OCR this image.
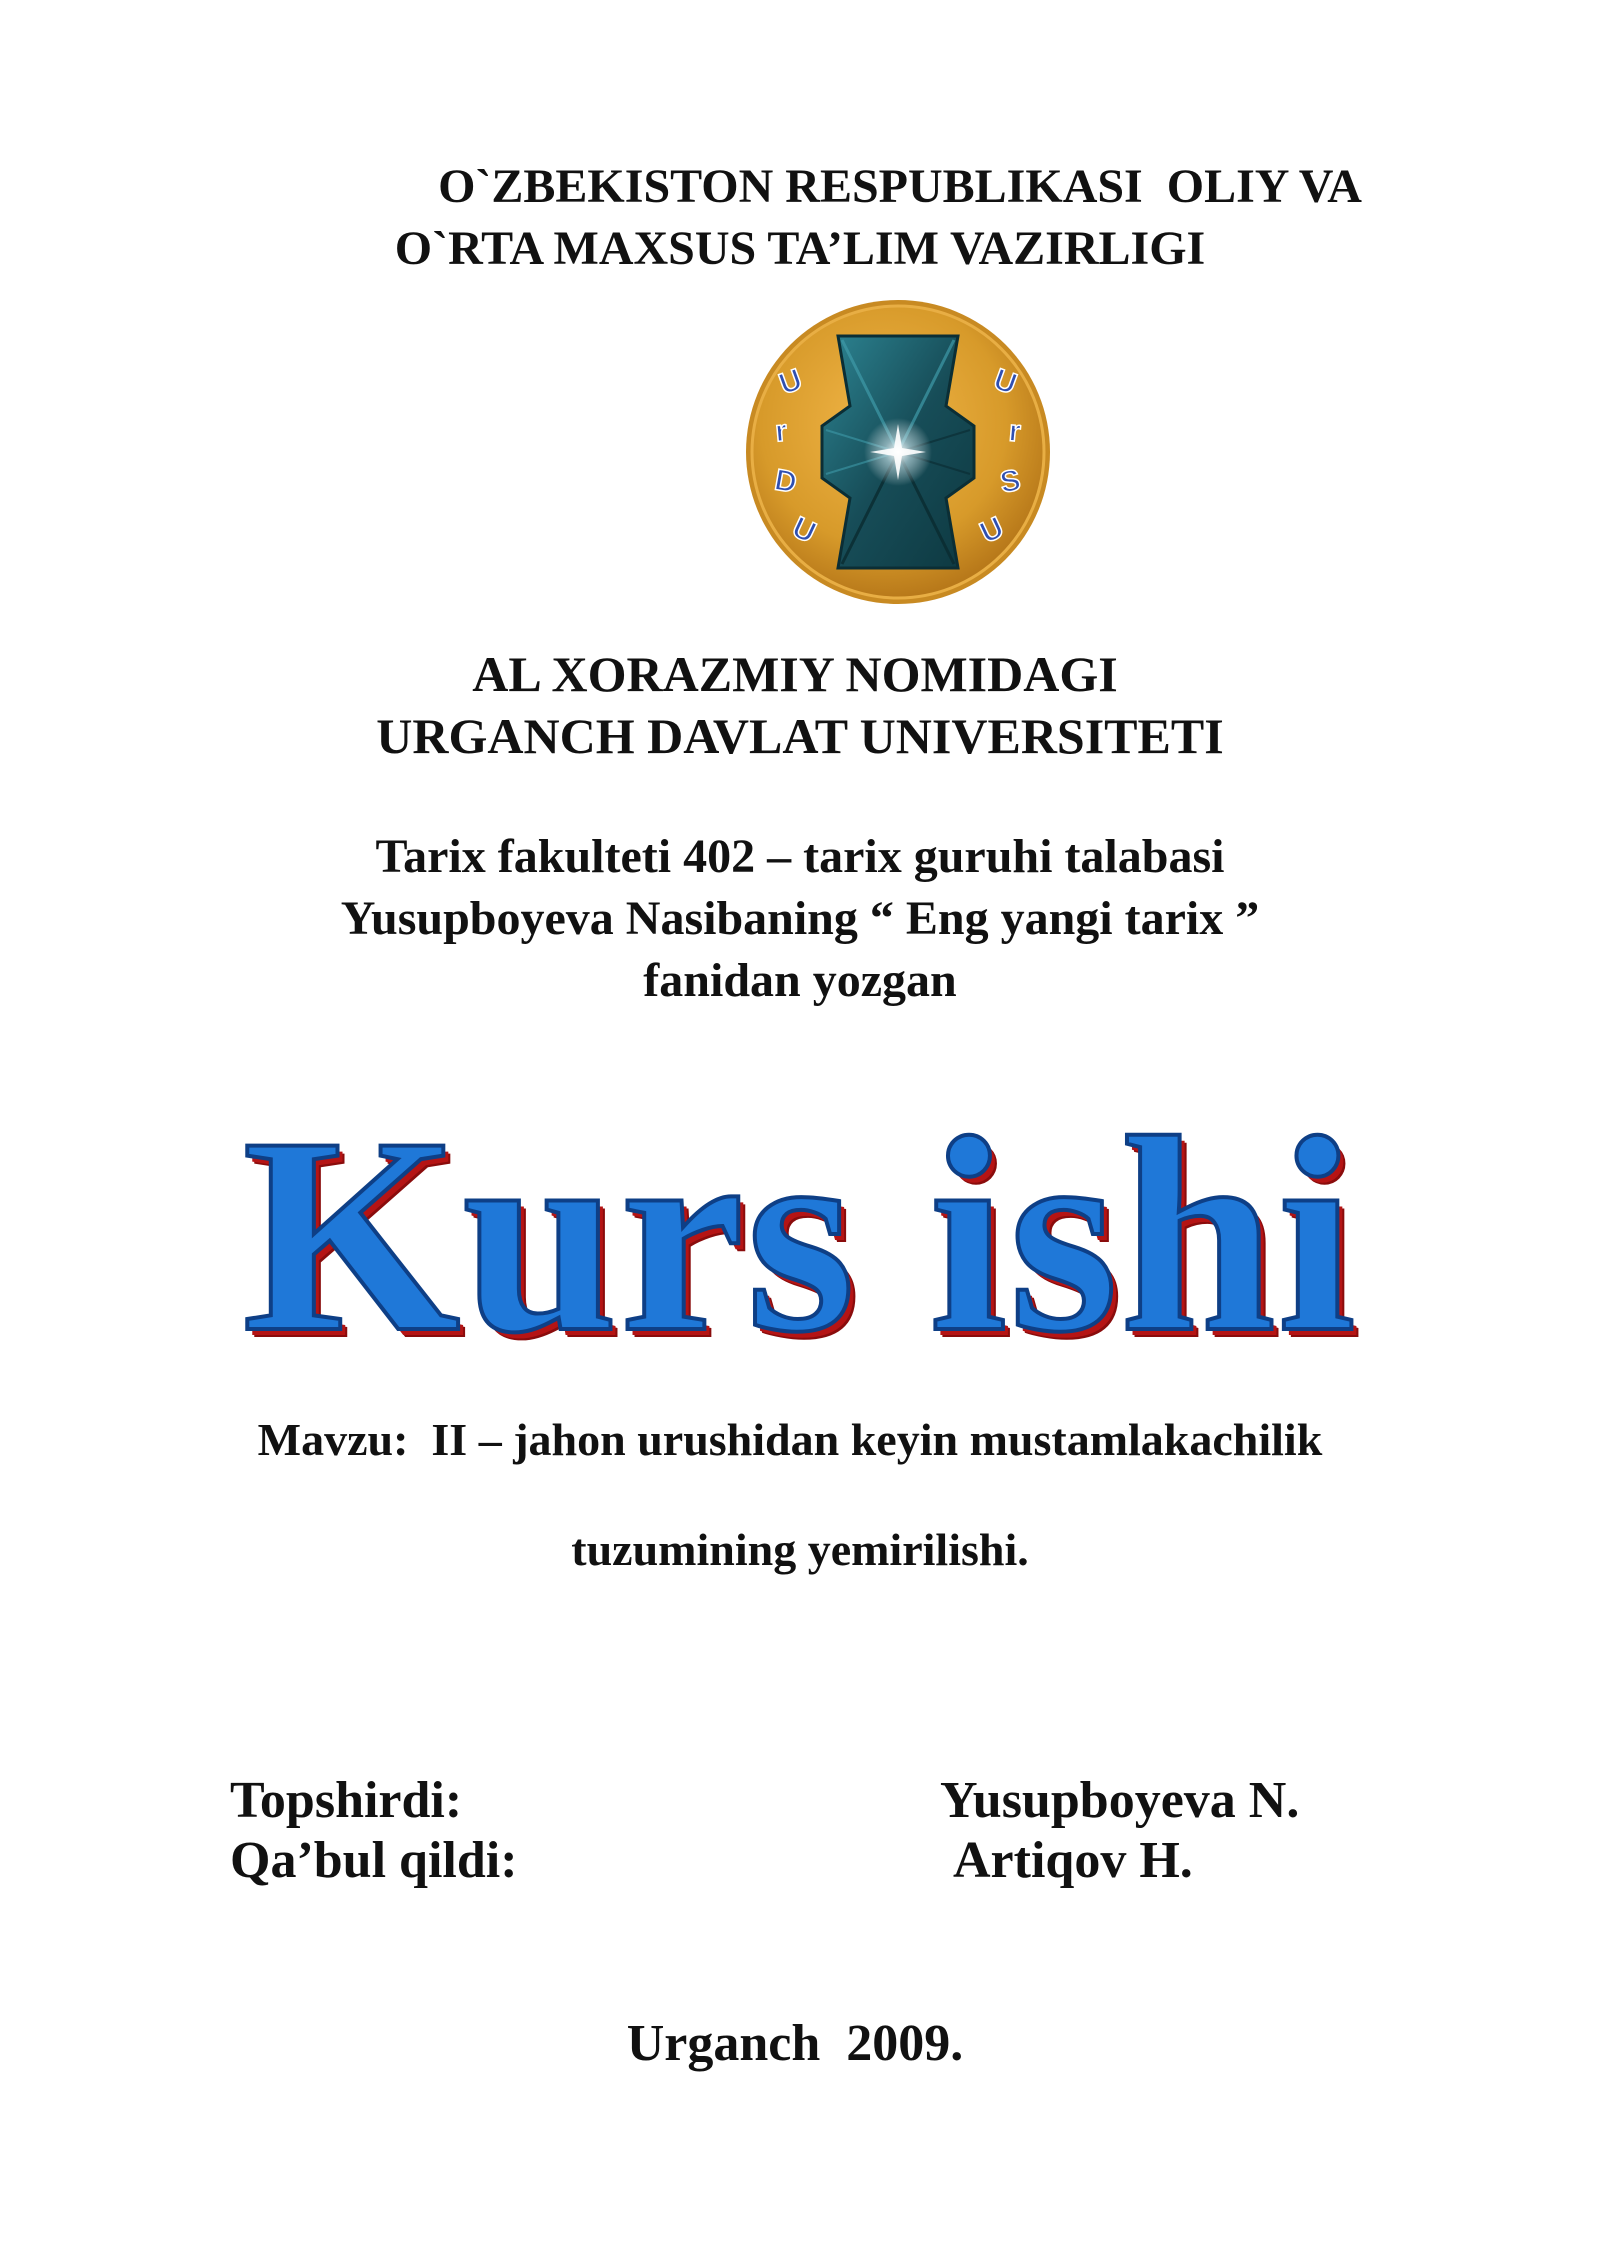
O`ZBEKISTON RESPUBLIKASI  OLIY VA
O`RTA MAXSUS TA’LIM VAZIRLIGI
U
r
D
U
U
r
S
U
AL XORAZMIY NOMIDAGI
URGANCH DAVLAT UNIVERSITETI
Tarix fakulteti 402 – tarix guruhi talabasi
Yusupboyeva Nasibaning “ Eng yangi tarix ”
fanidan yozgan
Kurs ishi
Mavzu:  II – jahon urushidan keyin mustamlakachilik
tuzumining yemirilishi.
Topshirdi:	Yusupboyeva N.
Qa’bul qildi:	Artiqov H.
Urganch  2009.
